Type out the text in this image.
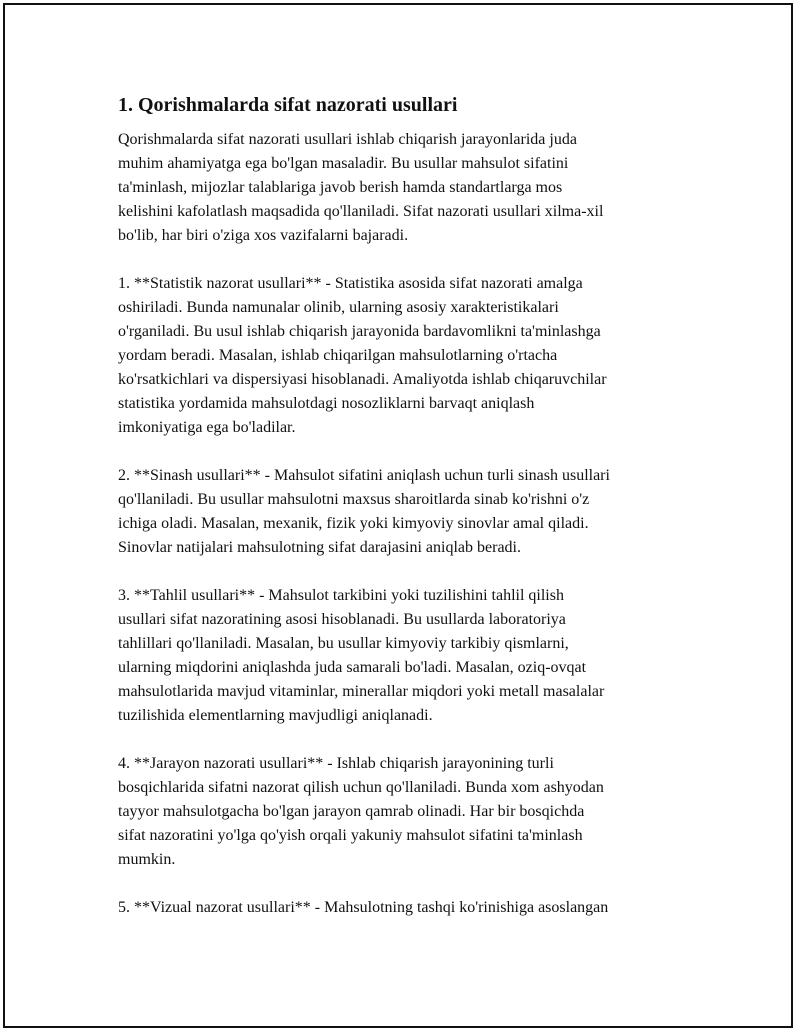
1. Qorishmalarda sifat nazorati usullari

Qorishmalarda sifat nazorati usullari ishlab chiqarish jarayonlarida juda
muhim ahamiyatga ega bo'lgan masaladir. Bu usullar mahsulot sifatini
ta'minlash, mijozlar talablariga javob berish hamda standartlarga mos
kelishini kafolatlash maqsadida qo'llaniladi. Sifat nazorati usullari xilma-xil
bo'lib, har biri o'ziga xos vazifalarni bajaradi.

1. **Statistik nazorat usullari** - Statistika asosida sifat nazorati amalga
oshiriladi. Bunda namunalar olinib, ularning asosiy xarakteristikalari
o'rganiladi. Bu usul ishlab chiqarish jarayonida bardavomlikni ta'minlashga
yordam beradi. Masalan, ishlab chiqarilgan mahsulotlarning o'rtacha
ko'rsatkichlari va dispersiyasi hisoblanadi. Amaliyotda ishlab chiqaruvchilar
statistika yordamida mahsulotdagi nosozliklarni barvaqt aniqlash
imkoniyatiga ega bo'ladilar.

2. **Sinash usullari** - Mahsulot sifatini aniqlash uchun turli sinash usullari
qo'llaniladi. Bu usullar mahsulotni maxsus sharoitlarda sinab ko'rishni o'z
ichiga oladi. Masalan, mexanik, fizik yoki kimyoviy sinovlar amal qiladi.
Sinovlar natijalari mahsulotning sifat darajasini aniqlab beradi.

3. **Tahlil usullari** - Mahsulot tarkibini yoki tuzilishini tahlil qilish
usullari sifat nazoratining asosi hisoblanadi. Bu usullarda laboratoriya
tahlillari qo'llaniladi. Masalan, bu usullar kimyoviy tarkibiy qismlarni,
ularning miqdorini aniqlashda juda samarali bo'ladi. Masalan, oziq-ovqat
mahsulotlarida mavjud vitaminlar, minerallar miqdori yoki metall masalalar
tuzilishida elementlarning mavjudligi aniqlanadi.

4. **Jarayon nazorati usullari** - Ishlab chiqarish jarayonining turli
bosqichlarida sifatni nazorat qilish uchun qo'llaniladi. Bunda xom ashyodan
tayyor mahsulotgacha bo'lgan jarayon qamrab olinadi. Har bir bosqichda
sifat nazoratini yo'lga qo'yish orqali yakuniy mahsulot sifatini ta'minlash
mumkin.

5. **Vizual nazorat usullari** - Mahsulotning tashqi ko'rinishiga asoslangan
